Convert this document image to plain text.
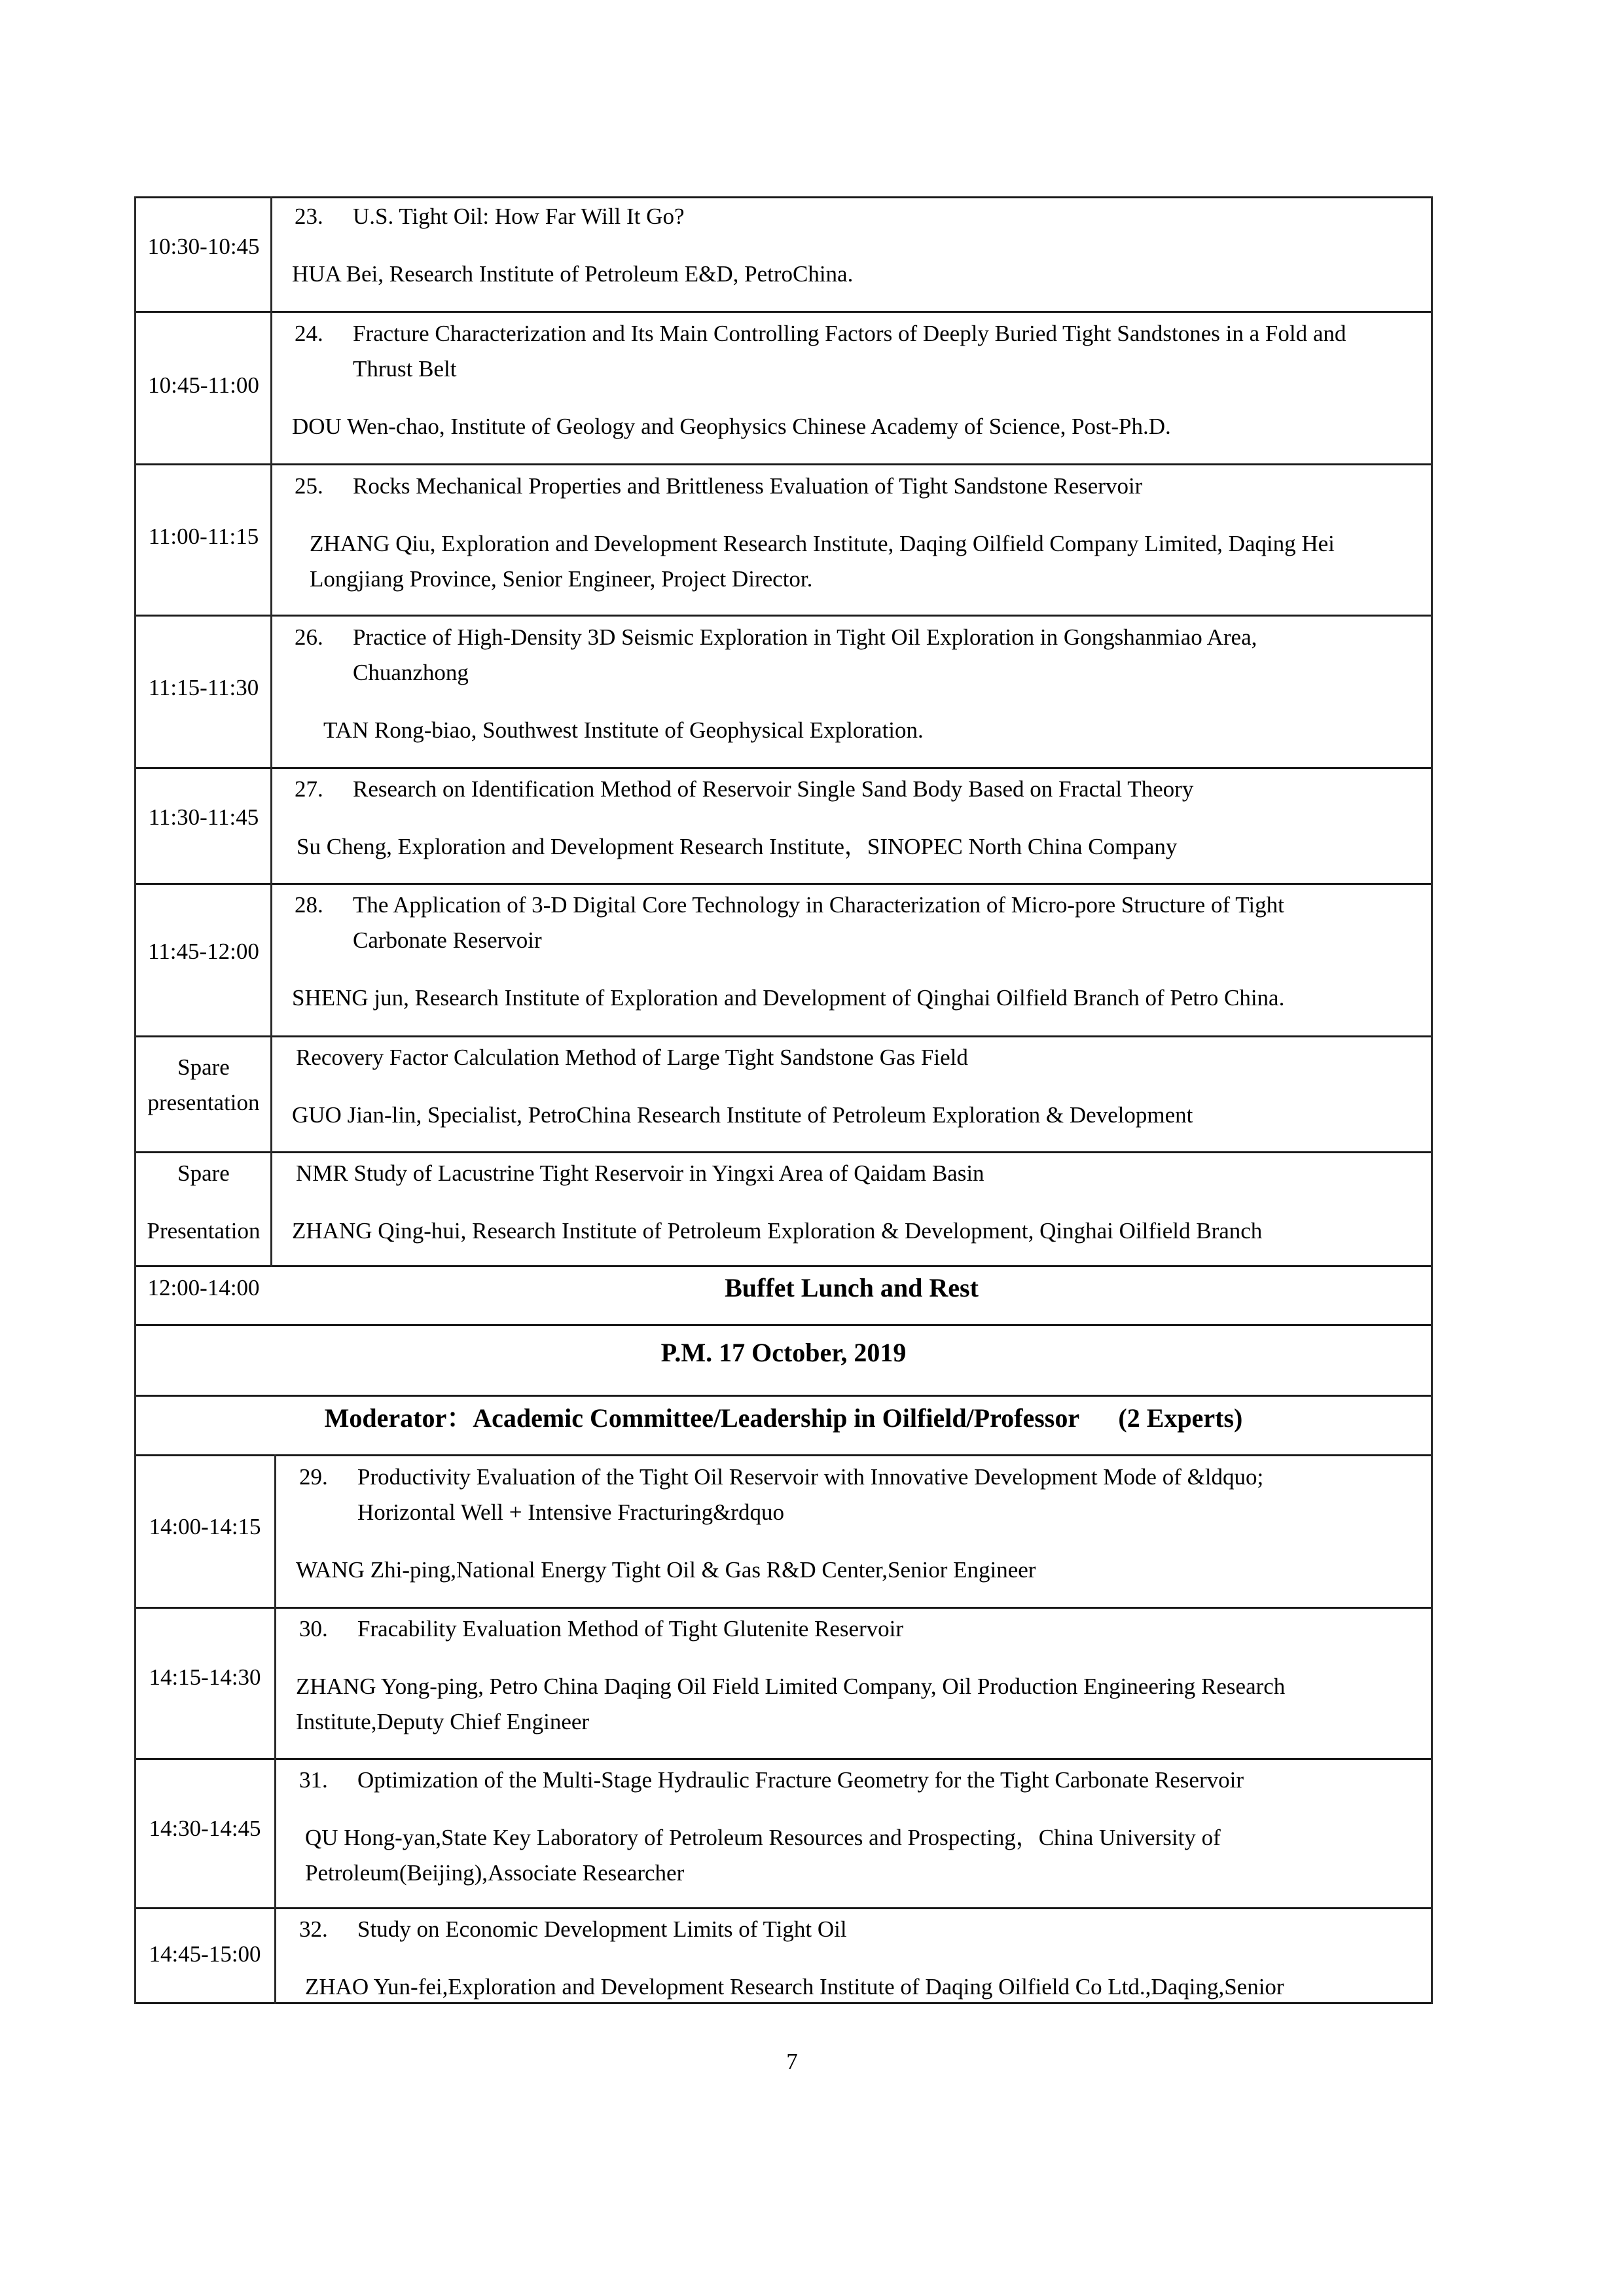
10:30-10:45
23. U.S. Tight Oil: How Far Will It Go?
HUA Bei, Research Institute of Petroleum E&D, PetroChina.
10:45-11:00
24. Fracture Characterization and Its Main Controlling Factors of Deeply Buried Tight Sandstones in a Fold and
Thrust Belt
DOU Wen-chao, Institute of Geology and Geophysics Chinese Academy of Science, Post-Ph.D.
11:00-11:15
25. Rocks Mechanical Properties and Brittleness Evaluation of Tight Sandstone Reservoir
ZHANG Qiu, Exploration and Development Research Institute, Daqing Oilfield Company Limited, Daqing Hei
Longjiang Province, Senior Engineer, Project Director.
11:15-11:30
26. Practice of High-Density 3D Seismic Exploration in Tight Oil Exploration in Gongshanmiao Area,
Chuanzhong
TAN Rong-biao, Southwest Institute of Geophysical Exploration.
11:30-11:45
27. Research on Identification Method of Reservoir Single Sand Body Based on Fractal Theory
Su Cheng, Exploration and Development Research Institute，SINOPEC North China Company
11:45-12:00
28. The Application of 3-D Digital Core Technology in Characterization of Micro-pore Structure of Tight
Carbonate Reservoir
SHENG jun, Research Institute of Exploration and Development of Qinghai Oilfield Branch of Petro China.
Spare
presentation
Recovery Factor Calculation Method of Large Tight Sandstone Gas Field
GUO Jian-lin, Specialist, PetroChina Research Institute of Petroleum Exploration & Development
Spare
Presentation
NMR Study of Lacustrine Tight Reservoir in Yingxi Area of Qaidam Basin
ZHANG Qing-hui, Research Institute of Petroleum Exploration & Development, Qinghai Oilfield Branch
12:00-14:00	Buffet Lunch and Rest
P.M. 17 October, 2019
Moderator：Academic Committee/Leadership in Oilfield/Professor      (2 Experts)
14:00-14:15
29. Productivity Evaluation of the Tight Oil Reservoir with Innovative Development Mode of &ldquo;
Horizontal Well + Intensive Fracturing&rdquo
WANG Zhi-ping,National Energy Tight Oil & Gas R&D Center,Senior Engineer
14:15-14:30
30. Fracability Evaluation Method of Tight Glutenite Reservoir
ZHANG Yong-ping, Petro China Daqing Oil Field Limited Company, Oil Production Engineering Research
Institute,Deputy Chief Engineer
14:30-14:45
31. Optimization of the Multi-Stage Hydraulic Fracture Geometry for the Tight Carbonate Reservoir
QU Hong-yan,State Key Laboratory of Petroleum Resources and Prospecting，China University of
Petroleum(Beijing),Associate Researcher
14:45-15:00
32. Study on Economic Development Limits of Tight Oil
ZHAO Yun-fei,Exploration and Development Research Institute of Daqing Oilfield Co Ltd.,Daqing,Senior
7
